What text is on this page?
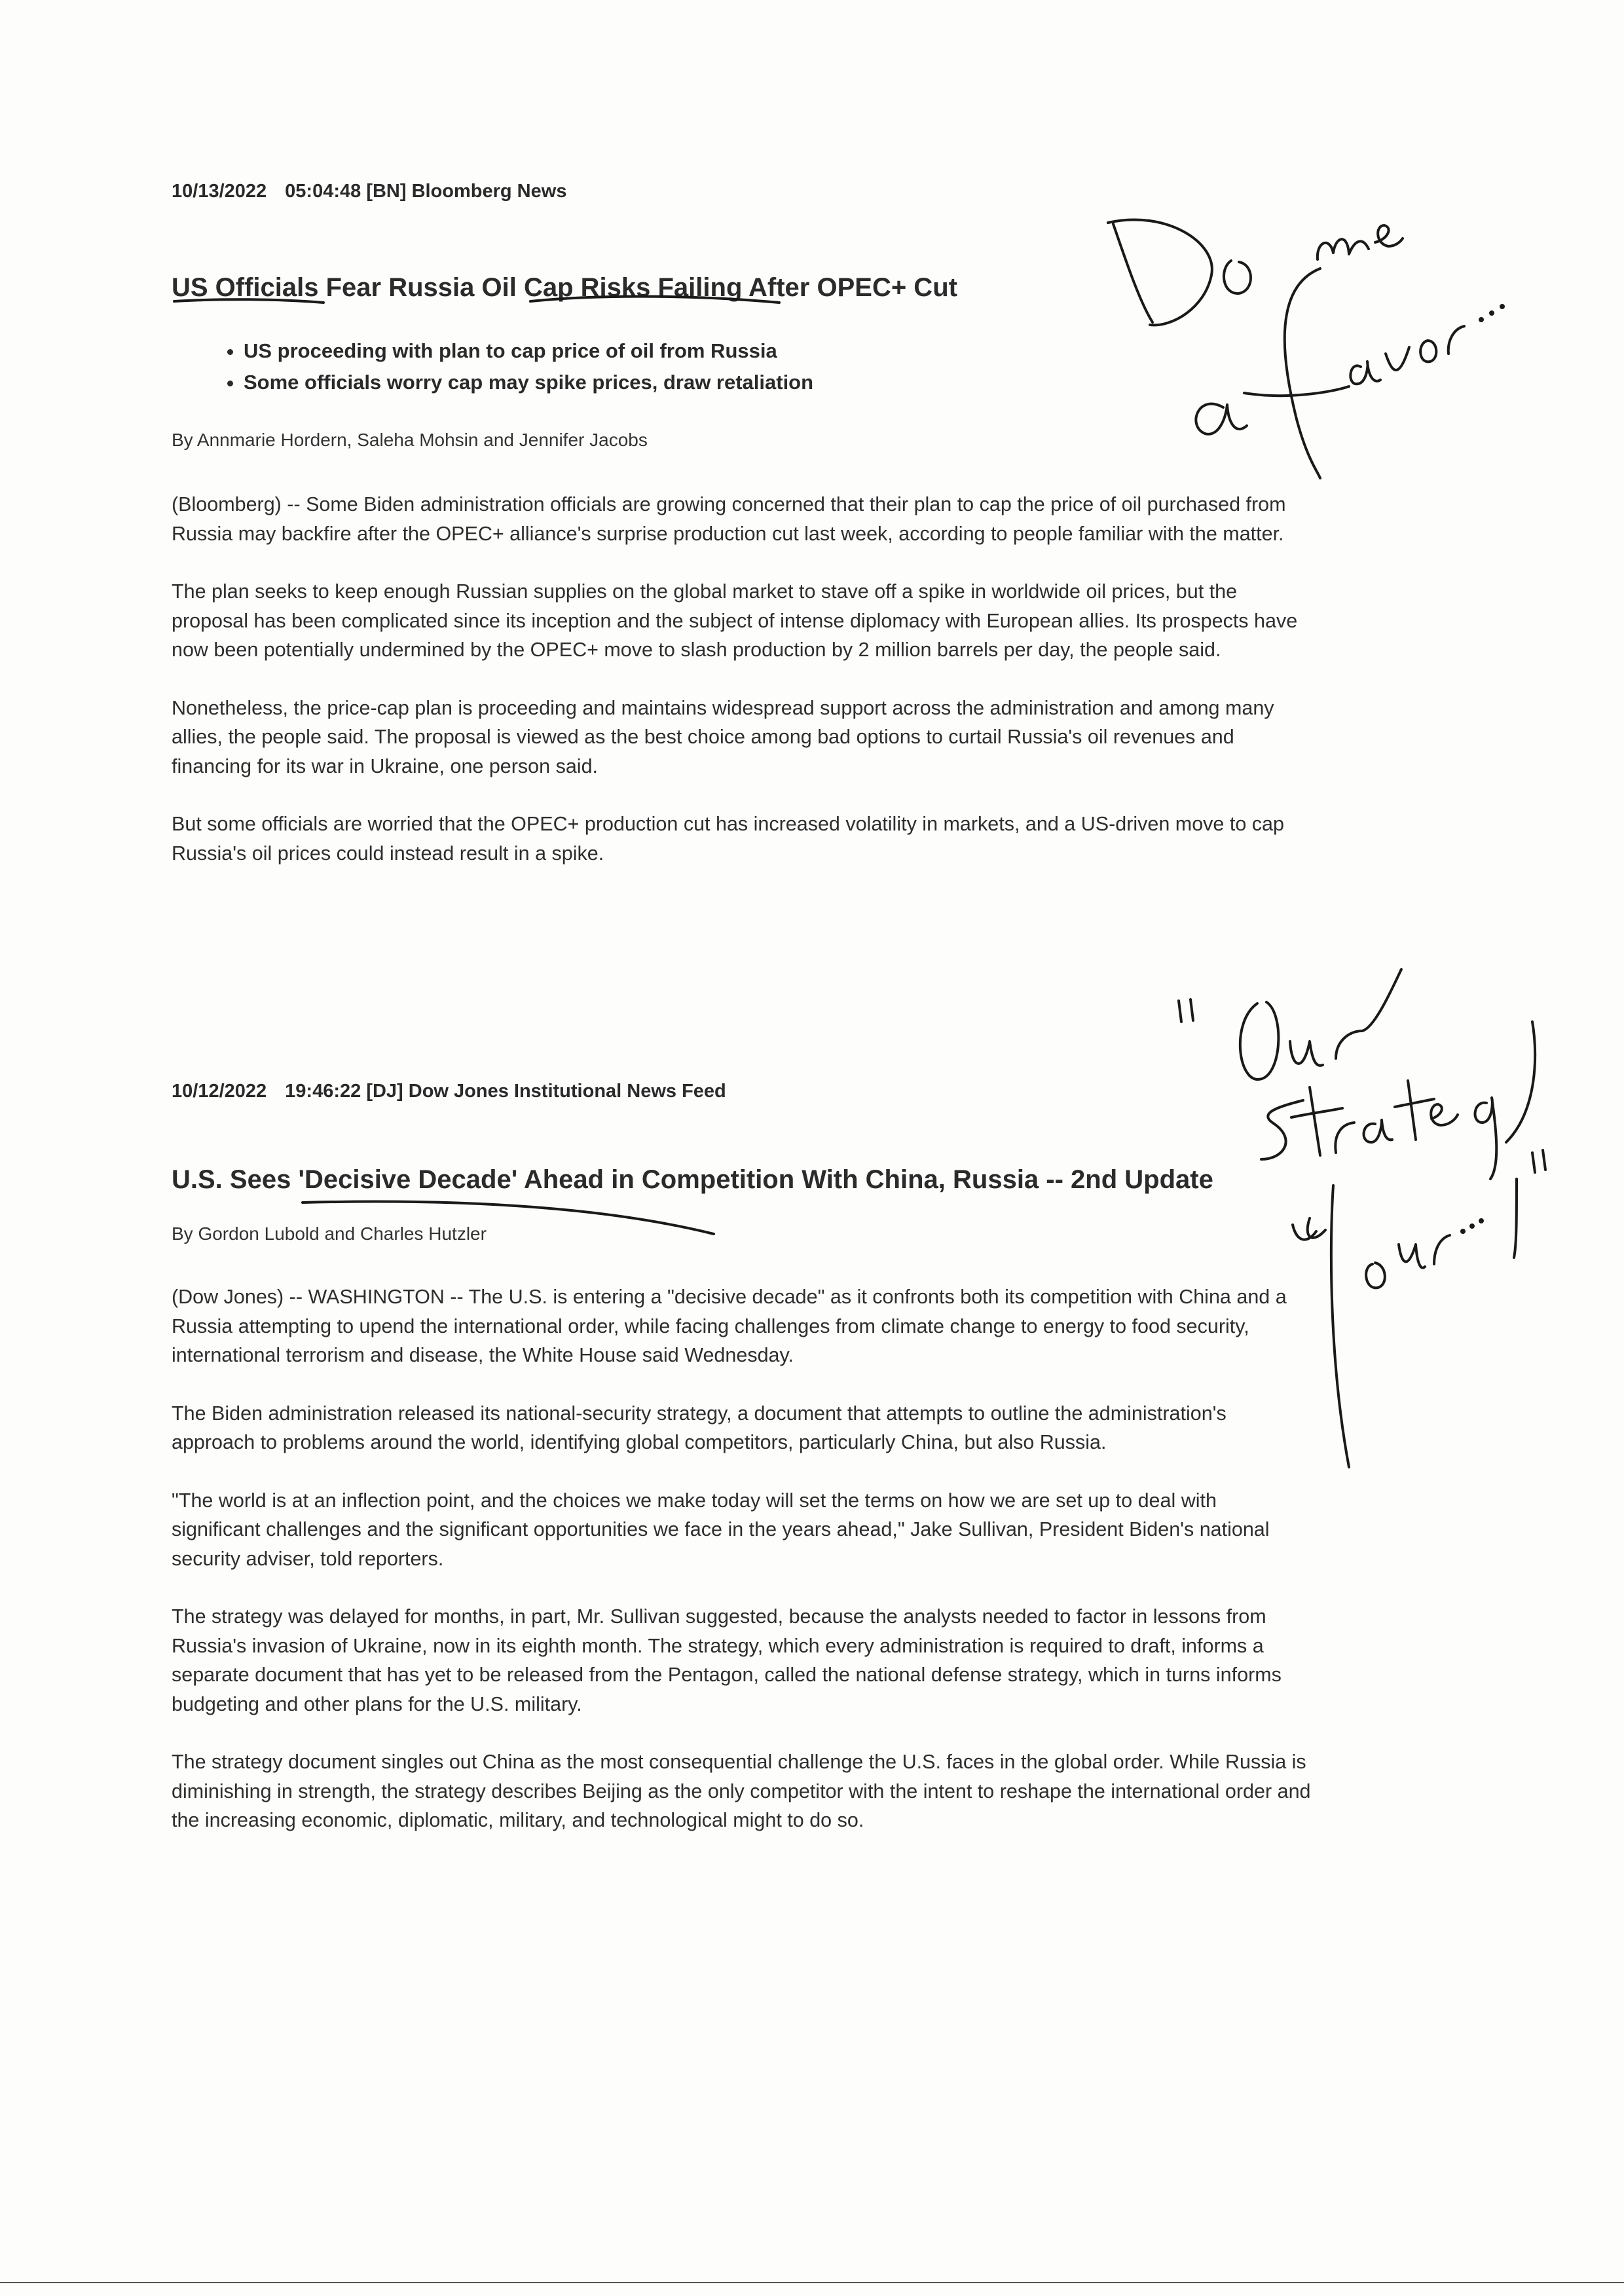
10/13/2022 05:04:48 [BN] Bloomberg News

US Officials Fear Russia Oil Cap Risks Failing After OPEC+ Cut
• US proceeding with plan to cap price of oil from Russia
• Some officials worry cap may spike prices, draw retaliation

By Annmarie Hordern, Saleha Mohsin and Jennifer Jacobs

(Bloomberg) -- Some Biden administration officials are growing concerned that their plan to cap the price of oil purchased from Russia may backfire after the OPEC+ alliance's surprise production cut last week, according to people familiar with the matter.

The plan seeks to keep enough Russian supplies on the global market to stave off a spike in worldwide oil prices, but the proposal has been complicated since its inception and the subject of intense diplomacy with European allies. Its prospects have now been potentially undermined by the OPEC+ move to slash production by 2 million barrels per day, the people said.

Nonetheless, the price-cap plan is proceeding and maintains widespread support across the administration and among many allies, the people said. The proposal is viewed as the best choice among bad options to curtail Russia's oil revenues and financing for its war in Ukraine, one person said.

But some officials are worried that the OPEC+ production cut has increased volatility in markets, and a US-driven move to cap Russia's oil prices could instead result in a spike.

10/12/2022 19:46:22 [DJ] Dow Jones Institutional News Feed

U.S. Sees 'Decisive Decade' Ahead in Competition With China, Russia -- 2nd Update

By Gordon Lubold and Charles Hutzler

(Dow Jones) -- WASHINGTON -- The U.S. is entering a "decisive decade" as it confronts both its competition with China and a Russia attempting to upend the international order, while facing challenges from climate change to energy to food security, international terrorism and disease, the White House said Wednesday.

The Biden administration released its national-security strategy, a document that attempts to outline the administration's approach to problems around the world, identifying global competitors, particularly China, but also Russia.

"The world is at an inflection point, and the choices we make today will set the terms on how we are set up to deal with significant challenges and the significant opportunities we face in the years ahead," Jake Sullivan, President Biden's national security adviser, told reporters.

The strategy was delayed for months, in part, Mr. Sullivan suggested, because the analysts needed to factor in lessons from Russia's invasion of Ukraine, now in its eighth month. The strategy, which every administration is required to draft, informs a separate document that has yet to be released from the Pentagon, called the national defense strategy, which in turns informs budgeting and other plans for the U.S. military.

The strategy document singles out China as the most consequential challenge the U.S. faces in the global order. While Russia is diminishing in strength, the strategy describes Beijing as the only competitor with the intent to reshape the international order and the increasing economic, diplomatic, military, and technological might to do so.
